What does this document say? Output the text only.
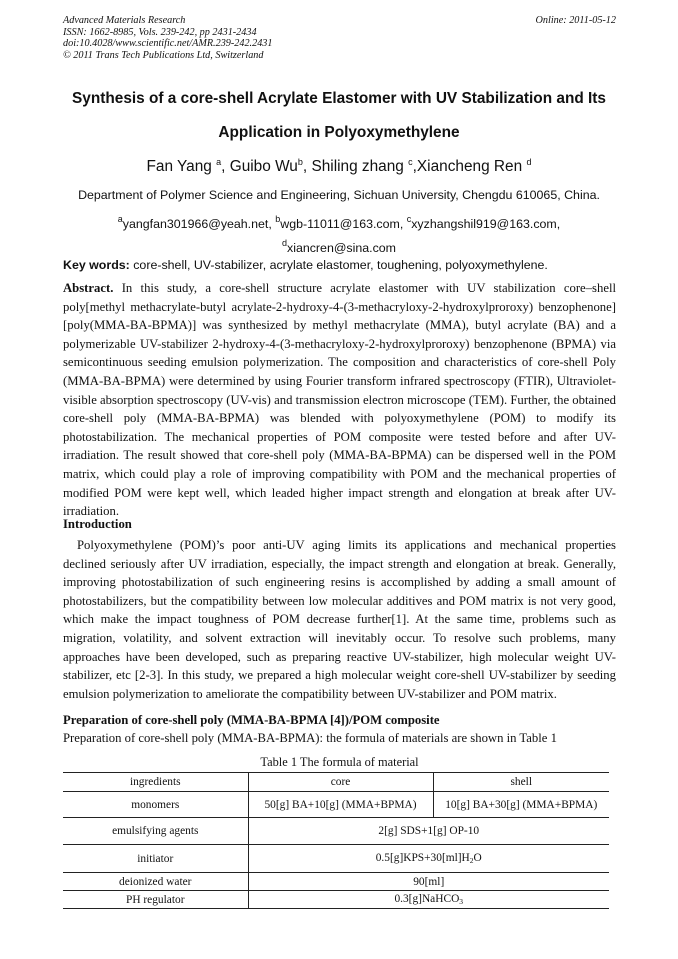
Advanced Materials Research	Online: 2011-05-12
ISSN: 1662-8985, Vols. 239-242, pp 2431-2434
doi:10.4028/www.scientific.net/AMR.239-242.2431
© 2011 Trans Tech Publications Ltd, Switzerland
Synthesis of a core-shell Acrylate Elastomer with UV Stabilization and Its
Application in Polyoxymethylene
Fan Yang $^a$, Guibo Wu$^b$, Shiling zhang $^c$,Xiancheng Ren $^d$
Department of Polymer Science and Engineering, Sichuan University, Chengdu 610065, China.
$^a$yangfan301966@yeah.net, $^b$wgb-11011@163.com, $^c$xyzhangshil919@163.com,
$^d$xiancren@sina.com
Key words: core-shell, UV-stabilizer, acrylate elastomer, toughening, polyoxymethylene.
Abstract. In this study, a core-shell structure acrylate elastomer with UV stabilization core–shell poly[methyl methacrylate-butyl acrylate-2-hydroxy-4-(3-methacryloxy-2-hydroxylproroxy) benzophenone] [poly(MMA-BA-BPMA)] was synthesized by methyl methacrylate (MMA), butyl acrylate (BA) and a polymerizable UV-stabilizer 2-hydroxy-4-(3-methacryloxy-2-hydroxylproroxy) benzophenone (BPMA) via semicontinuous seeding emulsion polymerization. The composition and characteristics of core-shell Poly (MMA-BA-BPMA) were determined by using Fourier transform infrared spectroscopy (FTIR), Ultraviolet-visible absorption spectroscopy (UV-vis) and transmission electron microscope (TEM). Further, the obtained core-shell poly (MMA-BA-BPMA) was blended with polyoxymethylene (POM) to modify its photostabilization. The mechanical properties of POM composite were tested before and after UV-irradiation. The result showed that core-shell poly (MMA-BA-BPMA) can be dispersed well in the POM matrix, which could play a role of improving compatibility with POM and the mechanical properties of modified POM were kept well, which leaded higher impact strength and elongation at break after UV-irradiation.
Introduction
Polyoxymethylene (POM)’s poor anti-UV aging limits its applications and mechanical properties declined seriously after UV irradiation, especially, the impact strength and elongation at break. Generally, improving photostabilization of such engineering resins is accomplished by adding a small amount of photostabilizers, but the compatibility between low molecular additives and POM matrix is not very good, which make the impact toughness of POM decrease further[1]. At the same time, problems such as migration, volatility, and solvent extraction will inevitably occur. To resolve such problems, many approaches have been developed, such as preparing reactive UV-stabilizer, high molecular weight UV-stabilizer, etc [2-3]. In this study, we prepared a high molecular weight core-shell UV-stabilizer by seeding emulsion polymerization to ameliorate the compatibility between UV-stabilizer and POM matrix.
Preparation of core-shell poly (MMA-BA-BPMA [4])/POM composite
Preparation of core-shell poly (MMA-BA-BPMA): the formula of materials are shown in Table 1
Table 1 The formula of material
ingredients	core	shell
monomers	50[g] BA+10[g] (MMA+BPMA)	10[g] BA+30[g] (MMA+BPMA)
emulsifying agents	2[g] SDS+1[g] OP-10	
initiator	$0.5[g]KPS+30[ml]H_2O$	
deionized water	90[ml]	
PH regulator	0.3[g]NaHCO$_3$
